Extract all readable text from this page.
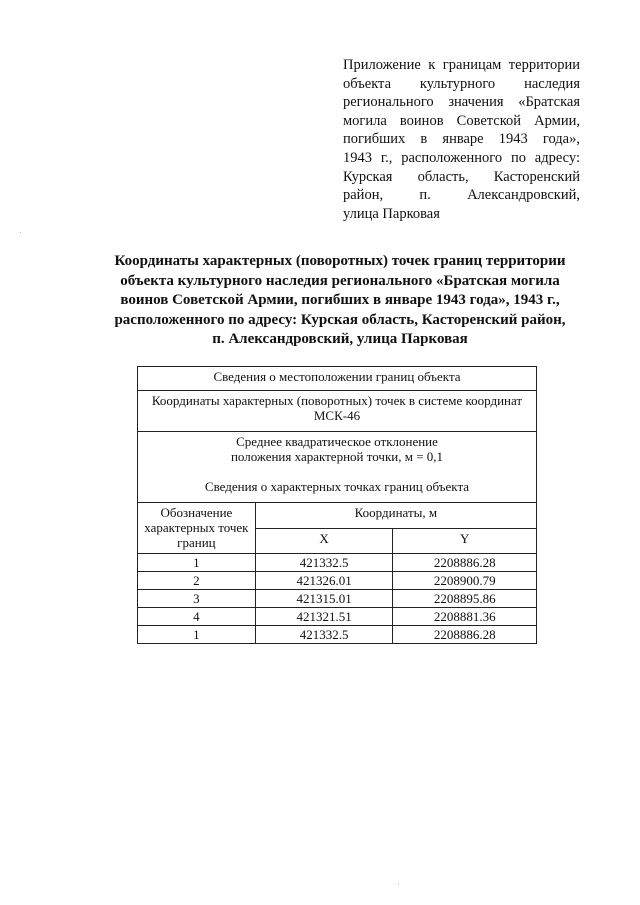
Приложение к границам территории
объекта культурного наследия
регионального значения «Братская
могила воинов Советской Армии,
погибших в январе 1943 года»,
1943 г., расположенного по адресу:
Курская область, Касторенский
район, п. Александровский,
улица Парковая
Координаты характерных (поворотных) точек границ территории
объекта культурного наследия регионального «Братская могила
воинов Советской Армии, погибших в январе 1943 года», 1943 г.,
расположенного по адресу: Курская область, Касторенский район,
п. Александровский, улица Парковая
Сведения о местоположении границ объекта		
Координаты характерных (поворотных) точек в системе координат
МСК-46		
Среднее квадратическое отклонение
положения характерной точки, м = 0,1

Сведения о характерных точках границ объекта		
Обозначение
характерных точек
границ	Координаты, м	
	X	Y
1	421332.5	2208886.28
2	421326.01	2208900.79
3	421315.01	2208895.86
4	421321.51	2208881.36
1	421332.5	2208886.28
